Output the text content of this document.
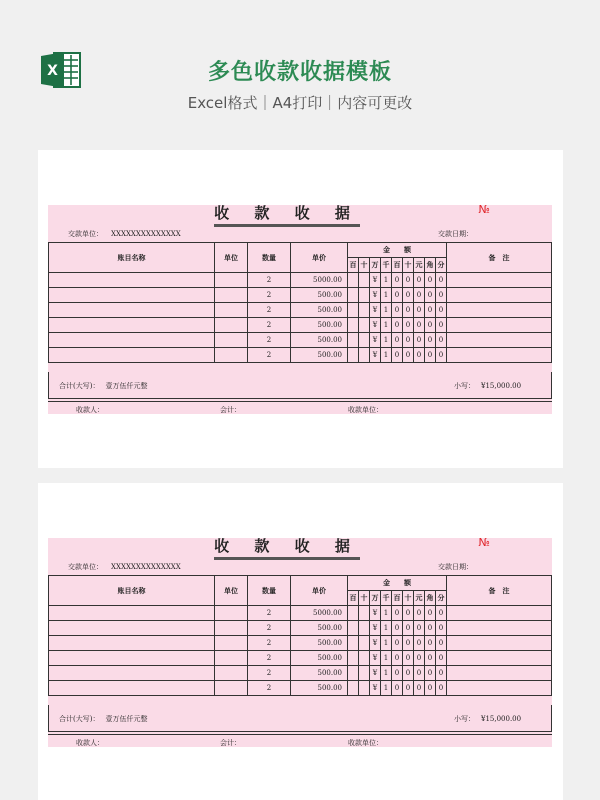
X	多色收款收据模板
Excel格式｜A4打印｜内容可更改
收 款 收 据	№
交款单位： XXXXXXXXXXXXXX	交款日期：
账目名称	单位	数量	单价	金　　额									备　注
				百	十	万	千	百	十	元	角	分	
		2	5000.00			¥	1	0	0	0	0	0	
		2	500.00			¥	1	0	0	0	0	0	
		2	500.00			¥	1	0	0	0	0	0	
		2	500.00			¥	1	0	0	0	0	0	
		2	500.00			¥	1	0	0	0	0	0	
		2	500.00			¥	1	0	0	0	0	0	
合计(大写)： 壹万伍仟元整	小写： ¥15,000.00
收款人：	会计：	收款单位：
收 款 收 据	№
交款单位： XXXXXXXXXXXXXX	交款日期：
账目名称	单位	数量	单价	金　　额									备　注
				百	十	万	千	百	十	元	角	分	
		2	5000.00			¥	1	0	0	0	0	0	
		2	500.00			¥	1	0	0	0	0	0	
		2	500.00			¥	1	0	0	0	0	0	
		2	500.00			¥	1	0	0	0	0	0	
		2	500.00			¥	1	0	0	0	0	0	
		2	500.00			¥	1	0	0	0	0	0	
合计(大写)： 壹万伍仟元整	小写： ¥15,000.00
收款人：	会计：	收款单位：
